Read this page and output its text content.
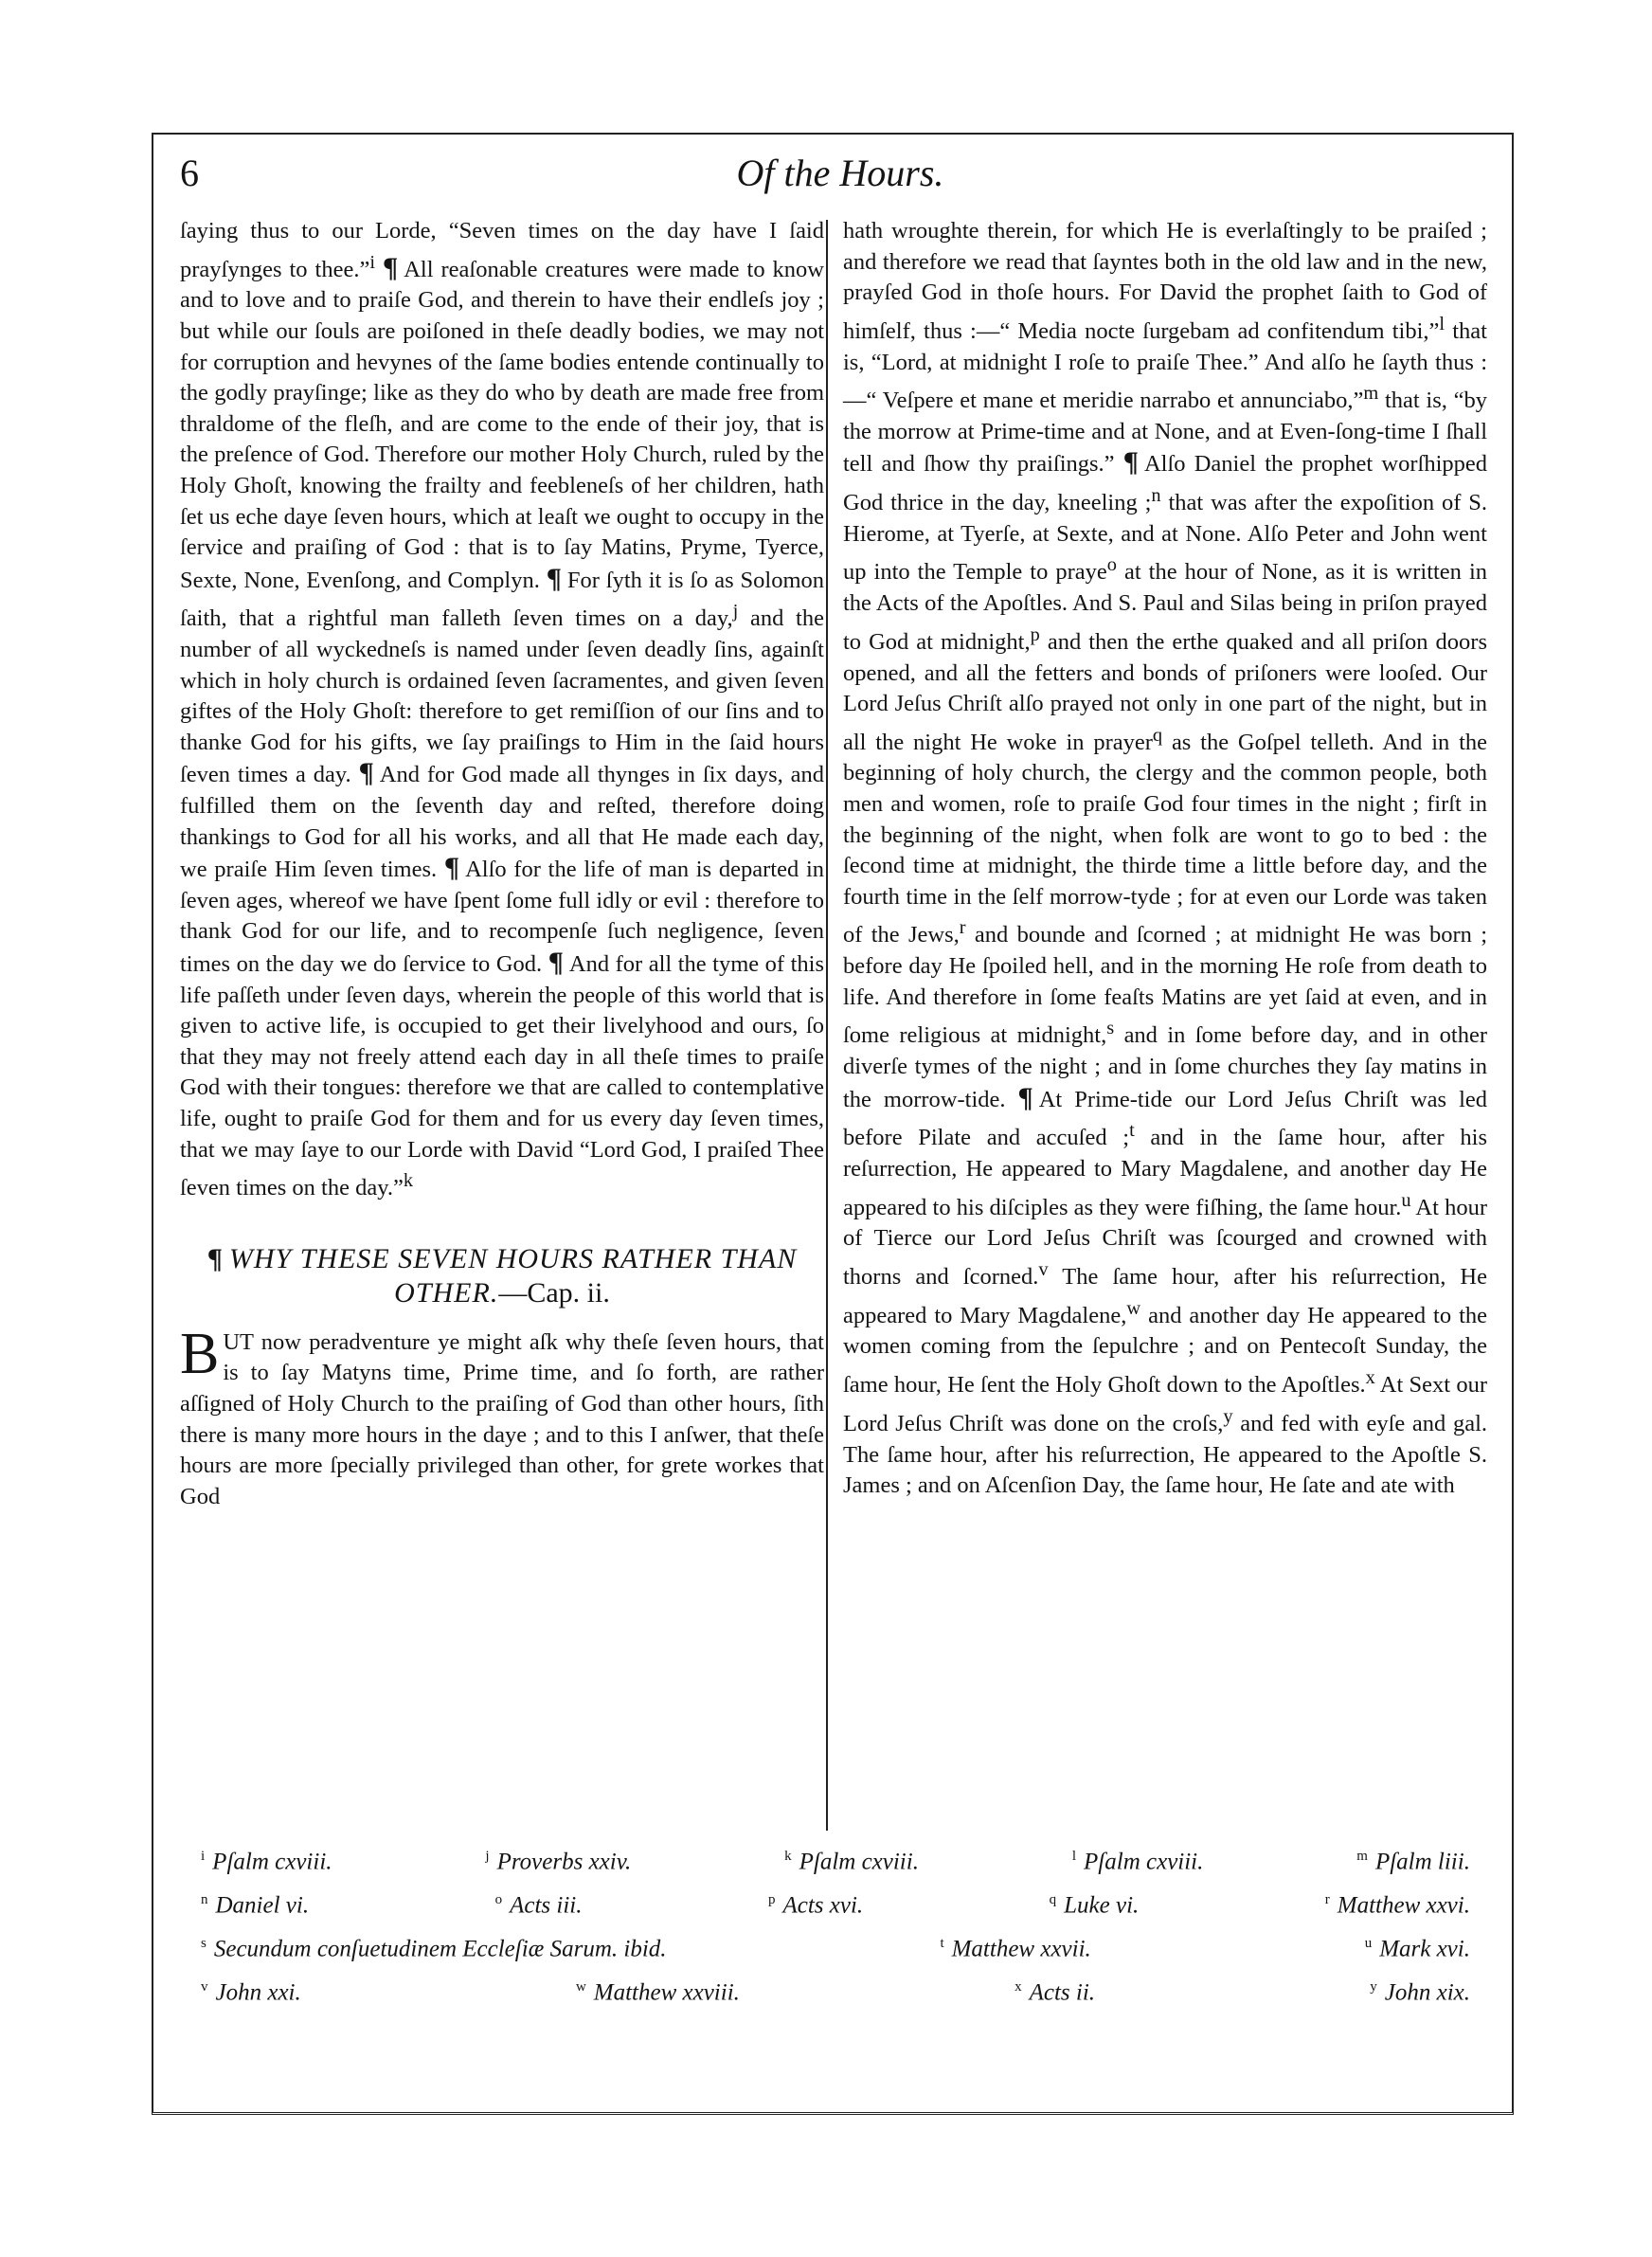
6	Of the Hours.

ſaying thus to our Lorde, “Seven times on the day have I ſaid prayſynges to thee.”$^i$ ¶ All reaſonable creatures were made to know and to love and to praiſe God, and therein to have their endleſs joy ; but while our ſouls are poiſoned in theſe deadly bodies, we may not for corruption and hevynes of the ſame bodies entende continually to the godly prayſinge; like as they do who by death are made free from thraldome of the fleſh, and are come to the ende of their joy, that is the preſence of God. Therefore our mother Holy Church, ruled by the Holy Ghoſt, knowing the frailty and feebleneſs of her children, hath ſet us eche daye ſeven hours, which at leaſt we ought to occupy in the ſervice and praiſing of God : that is to ſay Matins, Pryme, Tyerce, Sexte, None, Evenſong, and Complyn. ¶ For ſyth it is ſo as Solomon ſaith, that a rightful man falleth ſeven times on a day,$^j$ and the number of all wyckedneſs is named under ſeven deadly ſins, againſt which in holy church is ordained ſeven ſacramentes, and given ſeven giftes of the Holy Ghoſt: therefore to get remiſſion of our ſins and to thanke God for his gifts, we ſay praiſings to Him in the ſaid hours ſeven times a day. ¶ And for God made all thynges in ſix days, and fulfilled them on the ſeventh day and reſted, therefore doing thankings to God for all his works, and all that He made each day, we praiſe Him ſeven times. ¶ Alſo for the life of man is departed in ſeven ages, whereof we have ſpent ſome full idly or evil : therefore to thank God for our life, and to recompenſe ſuch negligence, ſeven times on the day we do ſervice to God. ¶ And for all the tyme of this life paſſeth under ſeven days, wherein the people of this world that is given to active life, is occupied to get their livelyhood and ours, ſo that they may not freely attend each day in all theſe times to praiſe God with their tongues: therefore we that are called to contemplative life, ought to praiſe God for them and for us every day ſeven times, that we may ſaye to our Lorde with David “Lord God, I praiſed Thee ſeven times on the day.”$^k$

¶ WHY THESE SEVEN HOURS RATHER THAN OTHER.—Cap. ii.

BUT now peradventure ye might aſk why theſe ſeven hours, that is to ſay Matyns time, Prime time, and ſo forth, are rather aſſigned of Holy Church to the praiſing of God than other hours, ſith there is many more hours in the daye ; and to this I anſwer, that theſe hours are more ſpecially privileged than other, for grete workes that God

hath wroughte therein, for which He is everlaſtingly to be praiſed ; and therefore we read that ſayntes both in the old law and in the new, prayſed God in thoſe hours. For David the prophet ſaith to God of himſelf, thus :—“ Media nocte ſurgebam ad confitendum tibi,”$^l$ that is, “Lord, at midnight I roſe to praiſe Thee.” And alſo he ſayth thus :—“ Veſpere et mane et meridie narrabo et annunciabo,”$^m$ that is, “by the morrow at Prime-time and at None, and at Even-ſong-time I ſhall tell and ſhow thy praiſings.” ¶ Alſo Daniel the prophet worſhipped God thrice in the day, kneeling ;$^n$ that was after the expoſition of S. Hierome, at Tyerſe, at Sexte, and at None. Alſo Peter and John went up into the Temple to praye$^o$ at the hour of None, as it is written in the Acts of the Apoſtles. And S. Paul and Silas being in priſon prayed to God at midnight,$^p$ and then the erthe quaked and all priſon doors opened, and all the fetters and bonds of priſoners were looſed. Our Lord Jeſus Chriſt alſo prayed not only in one part of the night, but in all the night He woke in prayer$^q$ as the Goſpel telleth. And in the beginning of holy church, the clergy and the common people, both men and women, roſe to praiſe God four times in the night ; firſt in the beginning of the night, when folk are wont to go to bed : the ſecond time at midnight, the thirde time a little before day, and the fourth time in the ſelf morrow-tyde ; for at even our Lorde was taken of the Jews,$^r$ and bounde and ſcorned ; at midnight He was born ; before day He ſpoiled hell, and in the morning He roſe from death to life. And therefore in ſome feaſts Matins are yet ſaid at even, and in ſome religious at midnight,$^s$ and in ſome before day, and in other diverſe tymes of the night ; and in ſome churches they ſay matins in the morrow-tide. ¶ At Prime-tide our Lord Jeſus Chriſt was led before Pilate and accuſed ;$^t$ and in the ſame hour, after his reſurrection, He appeared to Mary Magdalene, and another day He appeared to his diſciples as they were fiſhing, the ſame hour.$^u$ At hour of Tierce our Lord Jeſus Chriſt was ſcourged and crowned with thorns and ſcorned.$^v$ The ſame hour, after his reſurrection, He appeared to Mary Magdalene,$^w$ and another day He appeared to the women coming from the ſepulchre ; and on Pentecoſt Sunday, the ſame hour, He ſent the Holy Ghoſt down to the Apoſtles.$^x$ At Sext our Lord Jeſus Chriſt was done on the croſs,$^y$ and fed with eyſe and gal. The ſame hour, after his reſurrection, He appeared to the Apoſtle S. James ; and on Aſcenſion Day, the ſame hour, He ſate and ate with

$^i$ Pſalm cxviii.	$^j$ Proverbs xxiv.	$^k$ Pſalm cxviii.	$^l$ Pſalm cxviii.	$^m$ Pſalm liii.
$^n$ Daniel vi.	$^o$ Acts iii.	$^p$ Acts xvi.	$^q$ Luke vi.	$^r$ Matthew xxvi.
$^s$ Secundum conſuetudinem Eccleſiæ Sarum. ibid.	$^t$ Matthew xxvii.	$^u$ Mark xvi.
$^v$ John xxi.	$^w$ Matthew xxviii.	$^x$ Acts ii.	$^y$ John xix.
